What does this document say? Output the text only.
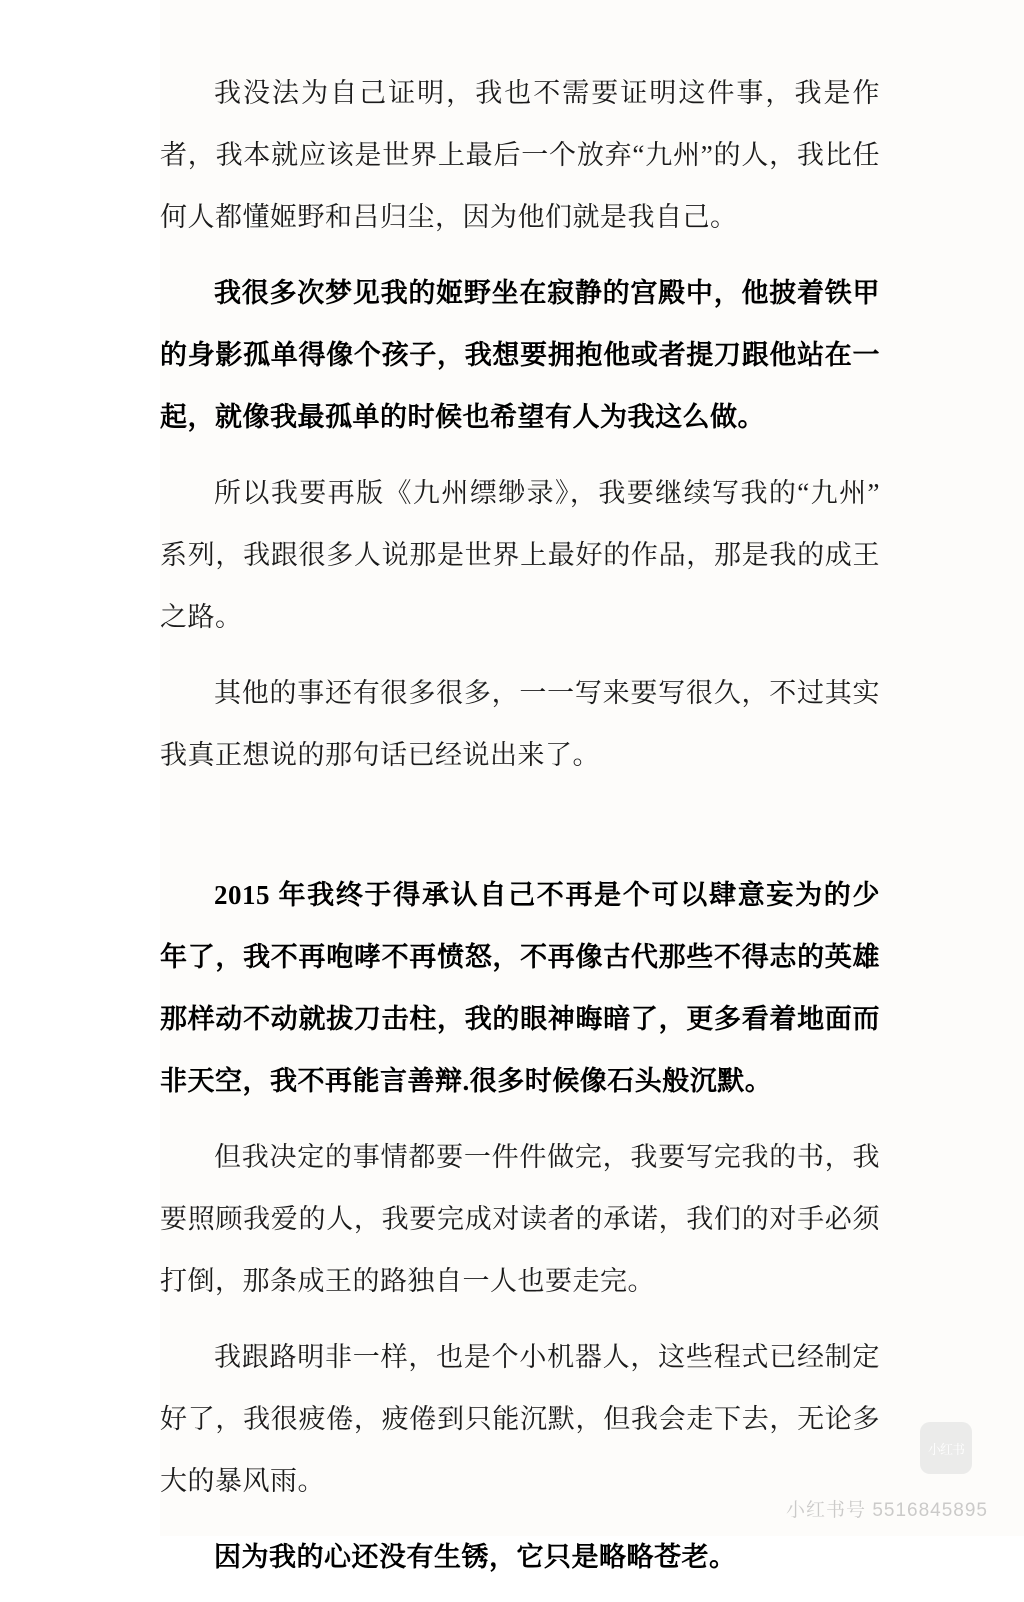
我没法为自己证明，我也不需要证明这件事，我是作者，我本就应该是世界上最后一个放弃“九州”的人，我比任何人都懂姬野和吕归尘，因为他们就是我自己。

我很多次梦见我的姬野坐在寂静的宫殿中，他披着铁甲的身影孤单得像个孩子，我想要拥抱他或者提刀跟他站在一起，就像我最孤单的时候也希望有人为我这么做。

所以我要再版《九州缥缈录》，我要继续写我的“九州”系列，我跟很多人说那是世界上最好的作品，那是我的成王之路。

其他的事还有很多很多，一一写来要写很久，不过其实我真正想说的那句话已经说出来了。

2015 年我终于得承认自己不再是个可以肆意妄为的少年了，我不再咆哮不再愤怒，不再像古代那些不得志的英雄那样动不动就拔刀击柱，我的眼神晦暗了，更多看着地面而非天空，我不再能言善辩.很多时候像石头般沉默。

但我决定的事情都要一件件做完，我要写完我的书，我要照顾我爱的人，我要完成对读者的承诺，我们的对手必须打倒，那条成王的路独自一人也要走完。

我跟路明非一样，也是个小机器人，这些程式已经制定好了，我很疲倦，疲倦到只能沉默，但我会走下去，无论多大的暴风雨。

因为我的心还没有生锈，它只是略略苍老。

小红书
小红书号 5516845895
